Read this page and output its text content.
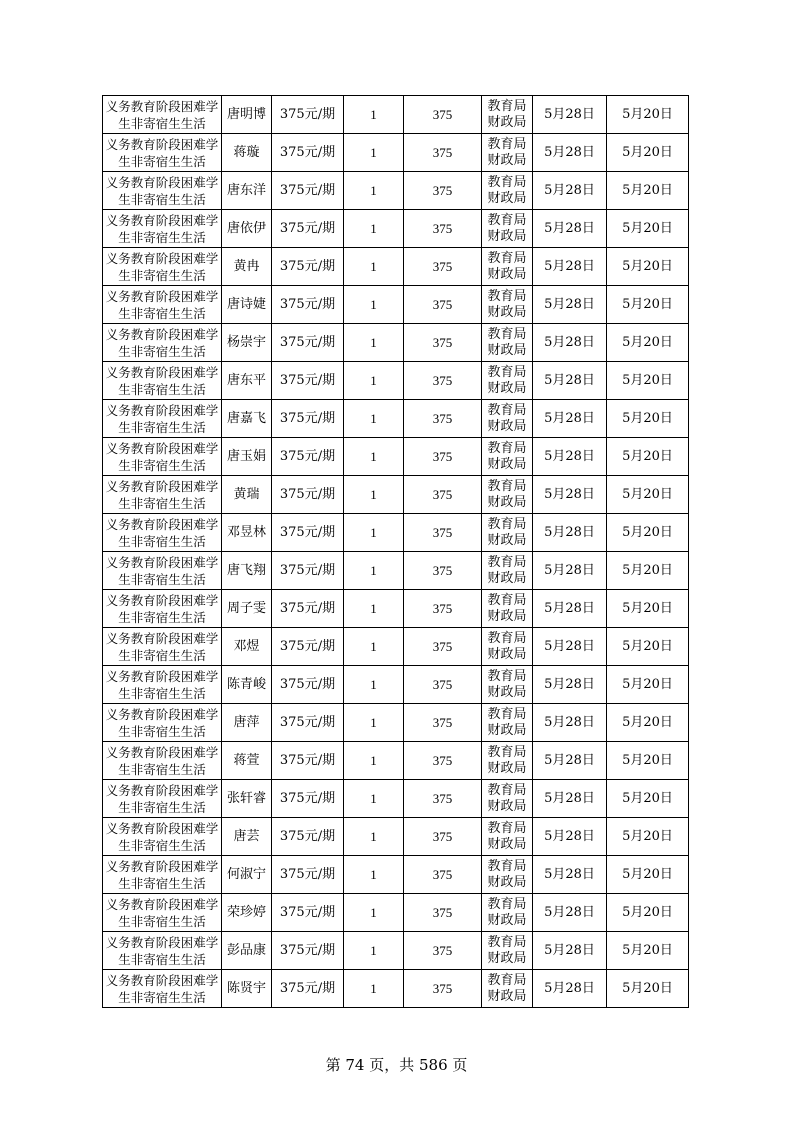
义务教育阶段困难学生非寄宿生生活	唐明博	375元/期	1	375	教育局财政局	5月28日	5月20日
义务教育阶段困难学生非寄宿生生活	蒋璇	375元/期	1	375	教育局财政局	5月28日	5月20日
义务教育阶段困难学生非寄宿生生活	唐东洋	375元/期	1	375	教育局财政局	5月28日	5月20日
义务教育阶段困难学生非寄宿生生活	唐依伊	375元/期	1	375	教育局财政局	5月28日	5月20日
义务教育阶段困难学生非寄宿生生活	黄冉	375元/期	1	375	教育局财政局	5月28日	5月20日
义务教育阶段困难学生非寄宿生生活	唐诗婕	375元/期	1	375	教育局财政局	5月28日	5月20日
义务教育阶段困难学生非寄宿生生活	杨崇宇	375元/期	1	375	教育局财政局	5月28日	5月20日
义务教育阶段困难学生非寄宿生生活	唐东平	375元/期	1	375	教育局财政局	5月28日	5月20日
义务教育阶段困难学生非寄宿生生活	唐嘉飞	375元/期	1	375	教育局财政局	5月28日	5月20日
义务教育阶段困难学生非寄宿生生活	唐玉娟	375元/期	1	375	教育局财政局	5月28日	5月20日
义务教育阶段困难学生非寄宿生生活	黄瑞	375元/期	1	375	教育局财政局	5月28日	5月20日
义务教育阶段困难学生非寄宿生生活	邓昱林	375元/期	1	375	教育局财政局	5月28日	5月20日
义务教育阶段困难学生非寄宿生生活	唐飞翔	375元/期	1	375	教育局财政局	5月28日	5月20日
义务教育阶段困难学生非寄宿生生活	周子雯	375元/期	1	375	教育局财政局	5月28日	5月20日
义务教育阶段困难学生非寄宿生生活	邓煜	375元/期	1	375	教育局财政局	5月28日	5月20日
义务教育阶段困难学生非寄宿生生活	陈青峻	375元/期	1	375	教育局财政局	5月28日	5月20日
义务教育阶段困难学生非寄宿生生活	唐萍	375元/期	1	375	教育局财政局	5月28日	5月20日
义务教育阶段困难学生非寄宿生生活	蒋萱	375元/期	1	375	教育局财政局	5月28日	5月20日
义务教育阶段困难学生非寄宿生生活	张轩睿	375元/期	1	375	教育局财政局	5月28日	5月20日
义务教育阶段困难学生非寄宿生生活	唐芸	375元/期	1	375	教育局财政局	5月28日	5月20日
义务教育阶段困难学生非寄宿生生活	何淑宁	375元/期	1	375	教育局财政局	5月28日	5月20日
义务教育阶段困难学生非寄宿生生活	荣珍婷	375元/期	1	375	教育局财政局	5月28日	5月20日
义务教育阶段困难学生非寄宿生生活	彭品康	375元/期	1	375	教育局财政局	5月28日	5月20日
义务教育阶段困难学生非寄宿生生活	陈贤宇	375元/期	1	375	教育局财政局	5月28日	5月20日
第 74 页，共 586 页
